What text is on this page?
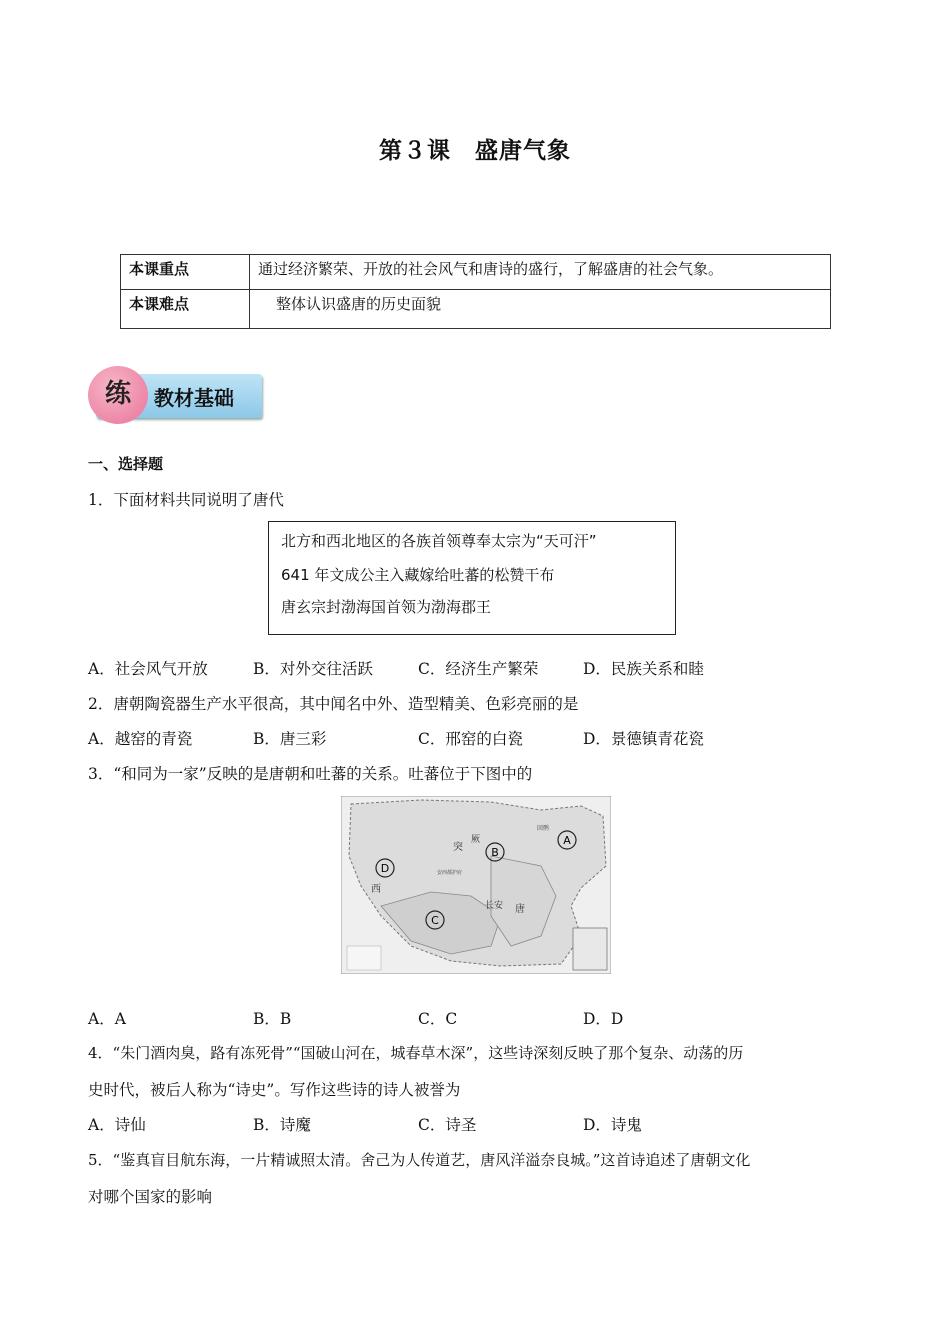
第３课　盛唐气象
本课重点	通过经济繁荣、开放的社会风气和唐诗的盛行，了解盛唐的社会气象。
本课难点	整体认识盛唐的历史面貌
练	教材基础
一、选择题
1．下面材料共同说明了唐代
北方和西北地区的各族首领尊奉太宗为“天可汗”
641 年文成公主入藏嫁给吐蕃的松赞干布
唐玄宗封渤海国首领为渤海郡王
A．社会风气开放	B．对外交往活跃	C．经济生产繁荣	D．民族关系和睦
2．唐朝陶瓷器生产水平很高，其中闻名中外、造型精美、色彩亮丽的是
A．越窑的青瓷	B．唐三彩	C．邢窑的白瓷	D．景德镇青花瓷
3．“和同为一家”反映的是唐朝和吐蕃的关系。吐蕃位于下图中的
A
B
C
D
突
厥
西
回鹘
安西都护府
长安 唐
A．A	B．B	C．C	D．D
4．“朱门酒肉臭，路有冻死骨”“国破山河在，城春草木深”，这些诗深刻反映了那个复杂、动荡的历
史时代，被后人称为“诗史”。写作这些诗的诗人被誉为
A．诗仙	B．诗魔	C．诗圣	D．诗鬼
5．“鉴真盲目航东海，一片精诚照太清。舍己为人传道艺，唐风洋溢奈良城。”这首诗追述了唐朝文化
对哪个国家的影响
